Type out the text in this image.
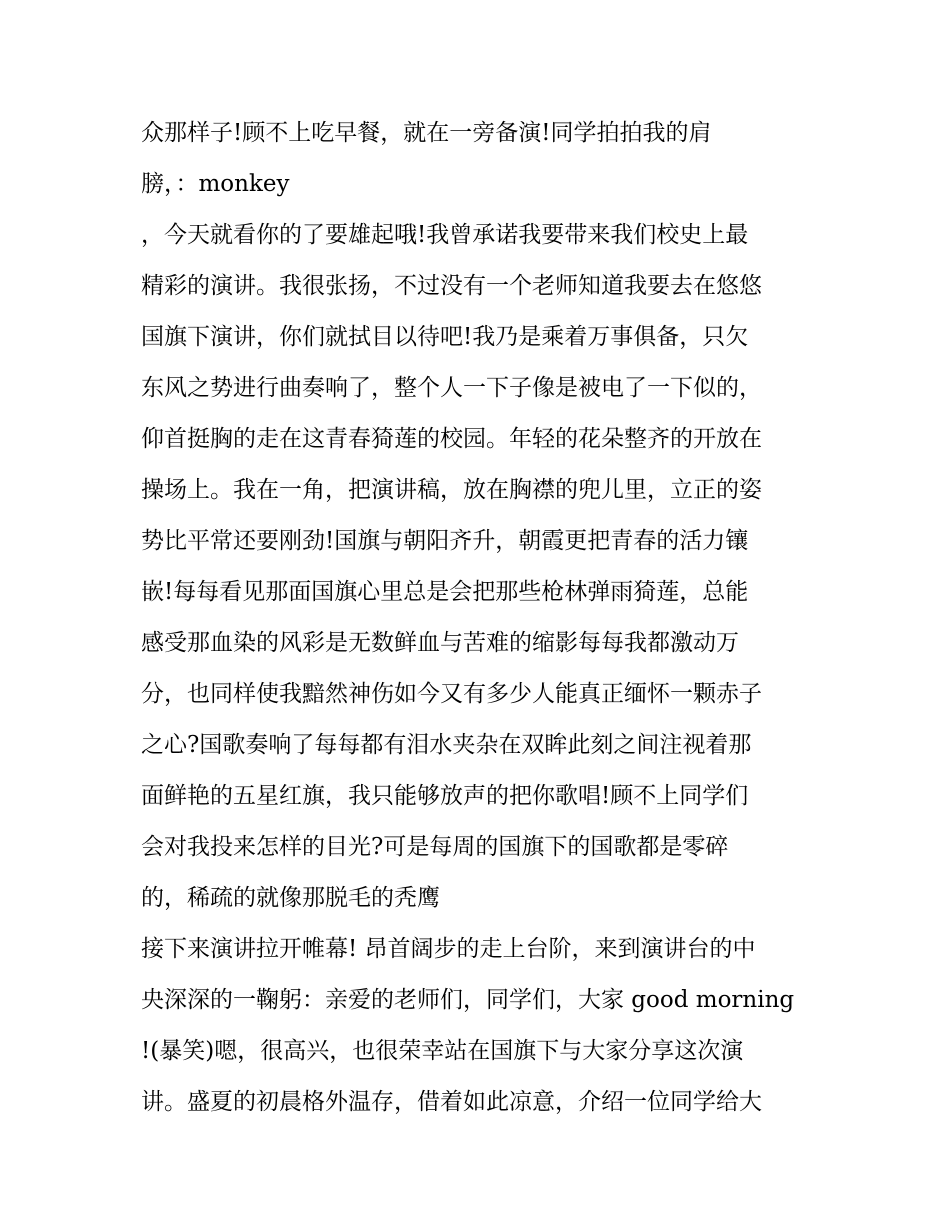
众那样子!顾不上吃早餐，就在一旁备演!同学拍拍我的肩
膀，：monkey
，今天就看你的了要雄起哦!我曾承诺我要带来我们校史上最
精彩的演讲。我很张扬，不过没有一个老师知道我要去在悠悠
国旗下演讲，你们就拭目以待吧!我乃是乘着万事俱备，只欠
东风之势进行曲奏响了，整个人一下子像是被电了一下似的，
仰首挺胸的走在这青春猗莲的校园。年轻的花朵整齐的开放在
操场上。我在一角，把演讲稿，放在胸襟的兜儿里，立正的姿
势比平常还要刚劲!国旗与朝阳齐升，朝霞更把青春的活力镶
嵌!每每看见那面国旗心里总是会把那些枪林弹雨猗莲，总能
感受那血染的风彩是无数鲜血与苦难的缩影每每我都激动万
分，也同样使我黯然神伤如今又有多少人能真正缅怀一颗赤子
之心?国歌奏响了每每都有泪水夹杂在双眸此刻之间注视着那
面鲜艳的五星红旗，我只能够放声的把你歌唱!顾不上同学们
会对我投来怎样的目光?可是每周的国旗下的国歌都是零碎
的，稀疏的就像那脱毛的秃鹰
接下来演讲拉开帷幕! 昂首阔步的走上台阶，来到演讲台的中
央深深的一鞠躬：亲爱的老师们，同学们，大家 good morning
!(暴笑)嗯，很高兴，也很荣幸站在国旗下与大家分享这次演
讲。盛夏的初晨格外温存，借着如此凉意，介绍一位同学给大
